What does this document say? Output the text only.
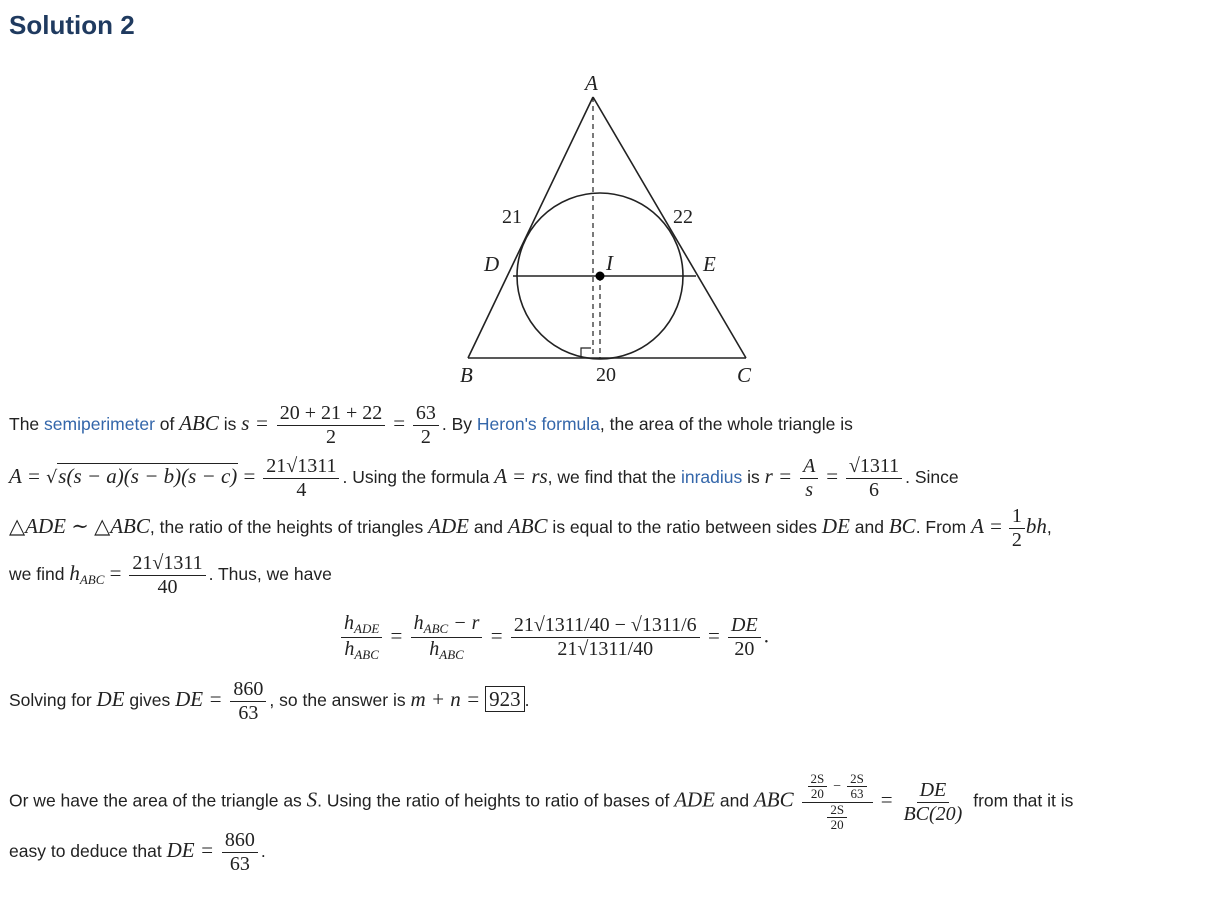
Solution 2
A
B	C
D	E
I
21	22
20
The semiperimeter of ABC is $s = \frac{20 + 21 + 22}{2} = \frac{63}{2}$ . By Heron's formula, the area of the whole triangle is
$A = √s(s - a)(s - b)(s - c) = \frac{21√1311}{4}$ . Using the formula A = rs, we find that the inradius is $r = \frac{A}{s} = \frac{√1311}{6}$ . Since
△ADE ∼ △ABC, the ratio of the heights of triangles ADE and ABC is equal to the ratio between sides DE and BC. From $A = \frac{1}{2}$ bh,
we find $h_{ABC} = \frac{21√1311}{40}$ . Thus, we have
$\frac{h_{ADE}}{h_{ABC}} = \frac{h_{ABC} - r}{h_{ABC}} = \frac{21√1311/40 - √1311/6}{21√1311/40} = \frac{DE}{20}$ .
Solving for DE gives DE = $\frac{860}{63}$ , so the answer is m + n = 923 .
Or we have the area of the triangle as S. Using the ratio of heights to ratio of bases of ADE and ABC $\frac{\frac{2S}{20} - \frac{2S}{63}}{\frac{2S}{20}} = \frac{DE}{BC(20)}$ from that it is
easy to deduce that DE = $\frac{860}{63}$ .
